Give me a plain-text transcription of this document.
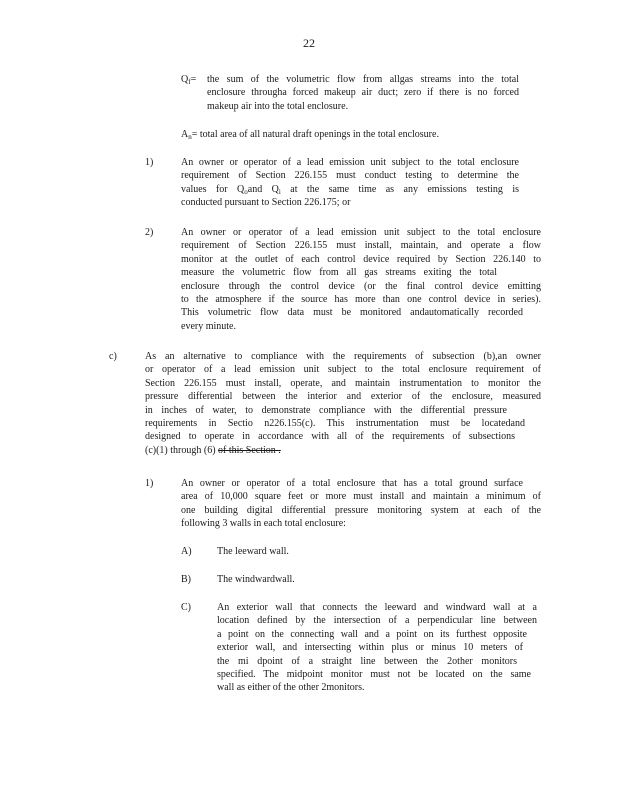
22
$Q_f=$ the sum of the volumetric flow from allgas streams into the total
enclosure througha forced makeup air duct; zero if there is no forced
makeup air into the total enclosure.
$A_n=$ total area of all natural draft openings in the total enclosure.
1)	An owner or operator of a lead emission unit subject to the total enclosure
requirement of Section 226.155 must conduct testing to determine the
values for $Q_oand$ $Q_i$ at the same time as any emissions testing is
conducted pursuant to Section 226.175; or
2)	An owner or operator of a lead emission unit subject to the total enclosure
requirement of Section 226.155 must install, maintain, and operate a flow
monitor at the outlet of each control device required by Section 226.140 to
measure the volumetric flow from all gas streams exiting the total
enclosure through the control device (or the final control device emitting
to the atmosphere if the source has more than one control device in series).
This volumetric flow data must be monitored andautomatically recorded
every minute.
c)	As an alternative to compliance with the requirements of subsection (b),an owner
or operator of a lead emission unit subject to the total enclosure requirement of
Section 226.155 must install, operate, and maintain instrumentation to monitor the
pressure differential between the interior and exterior of the enclosure, measured
in inches of water, to demonstrate compliance with the differential pressure
requirements in Sectio n226.155(c). This instrumentation must be locatedand
designed to operate in accordance with all of the requirements of subsections
(c)(1) through (6) of this Section .
1)	An owner or operator of a total enclosure that has a total ground surface
area of 10,000 square feet or more must install and maintain a minimum of
one building digital differential pressure monitoring system at each of the
following 3 walls in each total enclosure:
A)	The leeward wall.
B)	The windwardwall.
C)	An exterior wall that connects the leeward and windward wall at a
location defined by the intersection of a perpendicular line between
a point on the connecting wall and a point on its furthest opposite
exterior wall, and intersecting within plus or minus 10 meters of
the mi dpoint of a straight line between the 2other monitors
specified. The midpoint monitor must not be located on the same
wall as either of the other 2monitors.
